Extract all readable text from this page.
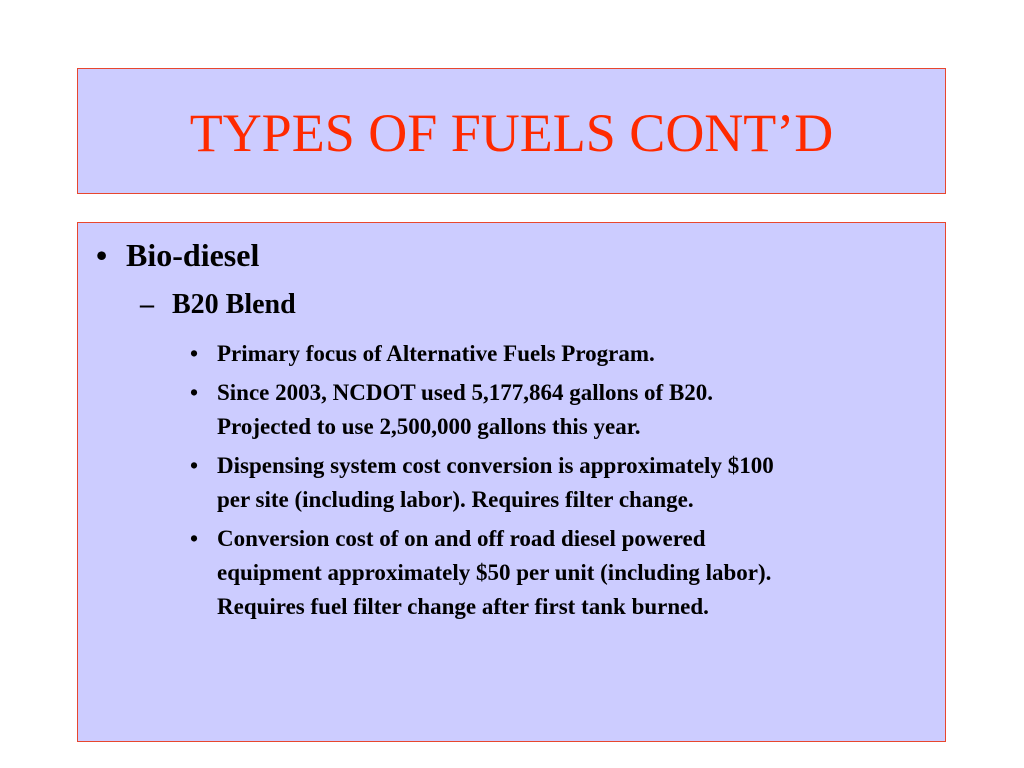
TYPES OF FUELS CONT’D
• Bio-diesel
– B20 Blend
• Primary focus of Alternative Fuels Program.
• Since 2003, NCDOT used 5,177,864 gallons of B20.
Projected to use 2,500,000 gallons this year.
• Dispensing system cost conversion is approximately $100
per site (including labor). Requires filter change.
• Conversion cost of on and off road diesel powered
equipment approximately $50 per unit (including labor).
Requires fuel filter change after first tank burned.
